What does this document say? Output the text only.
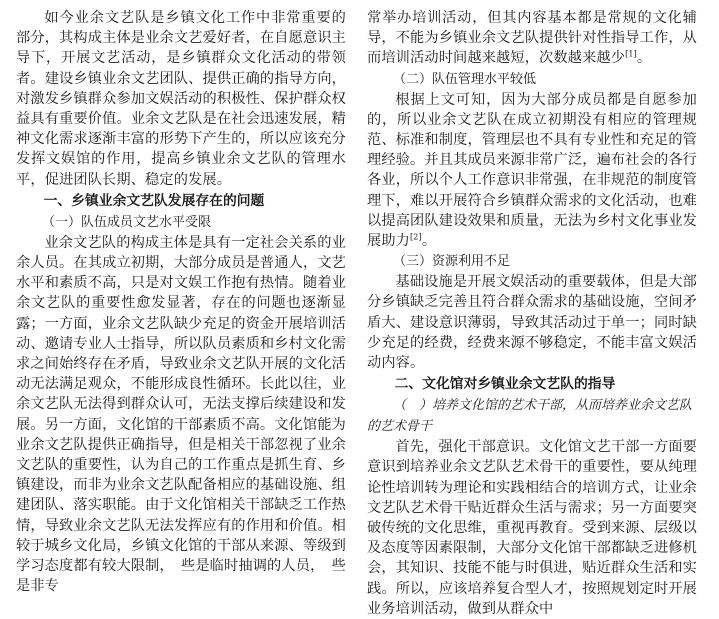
如今业余文艺队是乡镇文化工作中非常重要的　部分，其构成主体是业余文艺爱好者，在自愿意识主导下，开展文艺活动，是乡镇群众文化活动的带领者。建设乡镇业余文艺团队、提供正确的指导方向，对激发乡镇群众参加文娱活动的积极性、保护群众权益具有重要价值。业余文艺队是在社会迅速发展，精神文化需求逐渐丰富的形势下产生的，所以应该充分发挥文娱馆的作用，提高乡镇业余文艺队的管理水平，促进团队长期、稳定的发展。

一、乡镇业余文艺队发展存在的问题

（一）队伍成员文艺水平受限

业余文艺队的构成主体是具有一定社会关系的业余人员。在其成立初期，大部分成员是普通人，文艺水平和素质不高，只是对文娱工作抱有热情。随着业余文艺队的重要性愈发显著，存在的问题也逐渐显露；一方面，业余文艺队缺少充足的资金开展培训活动、邀请专业人士指导，所以队员素质和乡村文化需求之间始终存在矛盾，导致业余文艺队开展的文化活动无法满足观众，不能形成良性循环。长此以往，业余文艺队无法得到群众认可，无法支撑后续建设和发展。另一方面，文化馆的干部素质不高。文化馆能为业余文艺队提供正确指导，但是相关干部忽视了业余文艺队的重要性，认为自己的工作重点是抓生育、乡镇建设，而非为业余文艺队配备相应的基础设施、组建团队、落实职能。由于文化馆相关干部缺乏工作热情，导致业余文艺队无法发挥应有的作用和价值。相较于城乡文化局，乡镇文化馆的干部从来源、等级到学习态度都有较大限制，　些是临时抽调的人员，　些是非专

常举办培训活动，但其内容基本都是常规的文化辅导，不能为乡镇业余文艺队提供针对性指导工作，从而培训活动时间越来越短，次数越来越少[1]。

（二）队伍管理水平较低

根据上文可知，因为大部分成员都是自愿参加的，所以业余文艺队在成立初期没有相应的管理规范、标准和制度，管理层也不具有专业性和充足的管理经验。并且其成员来源非常广泛，遍布社会的各行各业，所以个人工作意识非常强，在非规范的制度管理下，难以开展符合乡镇群众需求的文化活动，也难以提高团队建设效果和质量，无法为乡村文化事业发展助力[2]。

（三）资源利用不足

基础设施是开展文娱活动的重要载体，但是大部分乡镇缺乏完善且符合群众需求的基础设施，空间矛盾大、建设意识薄弱，导致其活动过于单一；同时缺少充足的经费，经费来源不够稳定，不能丰富文娱活动内容。

二、文化馆对乡镇业余文艺队的指导

（　）培养文化馆的艺术干部，从而培养业余文艺队的艺术骨干

首先，强化干部意识。文化馆文艺干部一方面要意识到培养业余文艺队艺术骨干的重要性，要从纯理论性培训转为理论和实践相结合的培训方式，让业余文艺队艺术骨干贴近群众生活与需求；另一方面要突破传统的文化思维，重视再教育。受到来源、层级以及态度等因素限制，大部分文化馆干部都缺乏进修机会，其知识、技能不能与时俱进，贴近群众生活和实践。所以，应该培养复合型人才，按照规划定时开展业务培训活动，做到从群众中
